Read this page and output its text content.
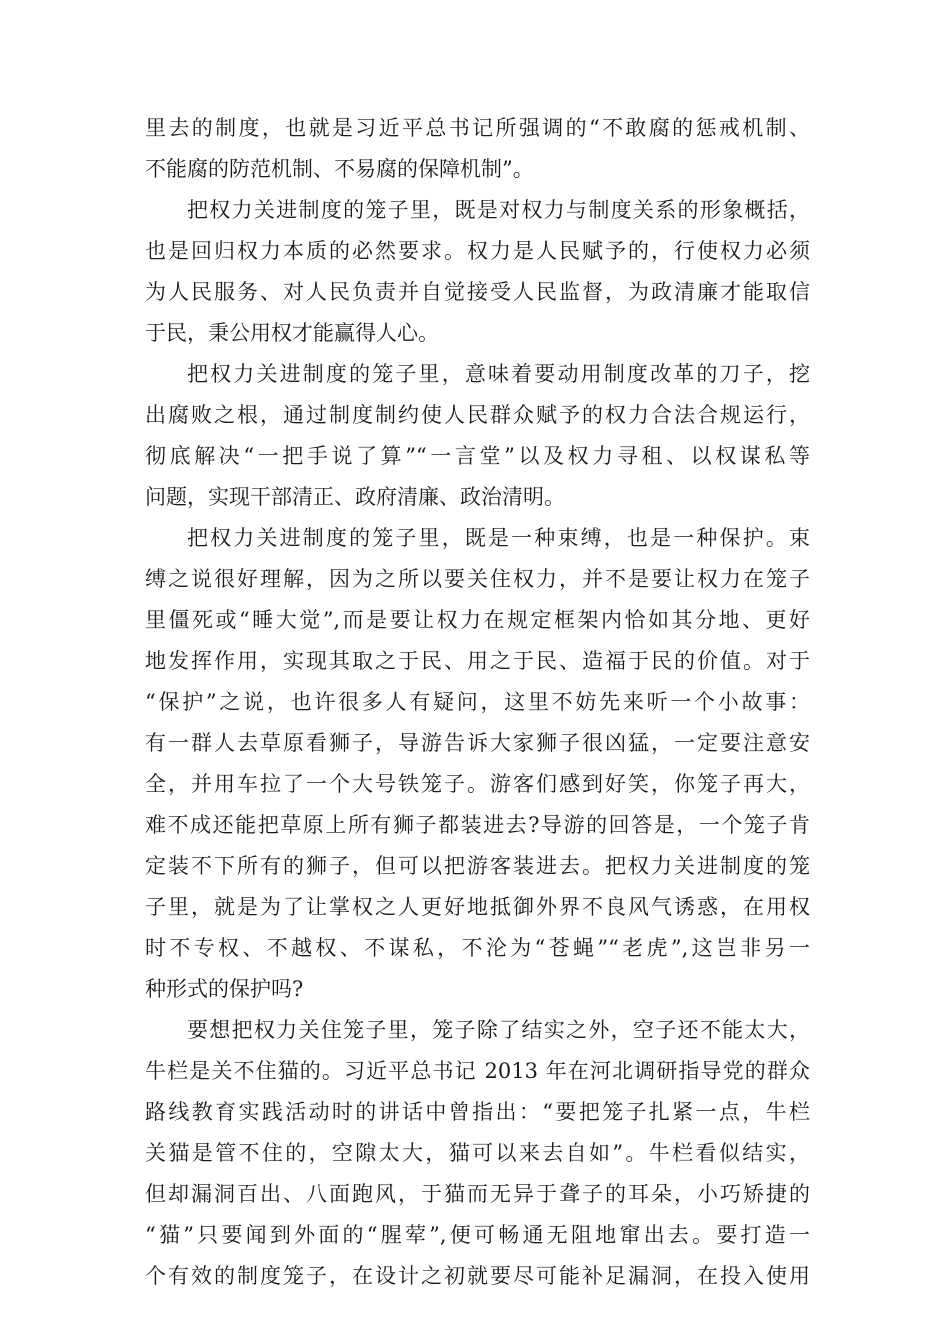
里去的制度，也就是习近平总书记所强调的“不敢腐的惩戒机制、
不能腐的防范机制、不易腐的保障机制”。
把权力关进制度的笼子里，既是对权力与制度关系的形象概括，
也是回归权力本质的必然要求。权力是人民赋予的，行使权力必须
为人民服务、对人民负责并自觉接受人民监督，为政清廉才能取信
于民，秉公用权才能赢得人心。
把权力关进制度的笼子里，意味着要动用制度改革的刀子，挖
出腐败之根，通过制度制约使人民群众赋予的权力合法合规运行，
彻底解决“一把手说了算”“一言堂”以及权力寻租、以权谋私等
问题，实现干部清正、政府清廉、政治清明。
把权力关进制度的笼子里，既是一种束缚，也是一种保护。束
缚之说很好理解，因为之所以要关住权力，并不是要让权力在笼子
里僵死或“睡大觉”,而是要让权力在规定框架内恰如其分地、更好
地发挥作用，实现其取之于民、用之于民、造福于民的价值。对于
“保护”之说，也许很多人有疑问，这里不妨先来听一个小故事：
有一群人去草原看狮子，导游告诉大家狮子很凶猛，一定要注意安
全，并用车拉了一个大号铁笼子。游客们感到好笑，你笼子再大，
难不成还能把草原上所有狮子都装进去?导游的回答是，一个笼子肯
定装不下所有的狮子，但可以把游客装进去。把权力关进制度的笼
子里，就是为了让掌权之人更好地抵御外界不良风气诱惑，在用权
时不专权、不越权、不谋私，不沦为“苍蝇”“老虎”,这岂非另一
种形式的保护吗?
要想把权力关住笼子里，笼子除了结实之外，空子还不能太大，
牛栏是关不住猫的。习近平总书记 2013 年在河北调研指导党的群众
路线教育实践活动时的讲话中曾指出：“要把笼子扎紧一点，牛栏
关猫是管不住的，空隙太大，猫可以来去自如”。牛栏看似结实，
但却漏洞百出、八面跑风，于猫而无异于聋子的耳朵，小巧矫捷的
“猫”只要闻到外面的“腥荤”,便可畅通无阻地窜出去。要打造一
个有效的制度笼子，在设计之初就要尽可能补足漏洞，在投入使用
